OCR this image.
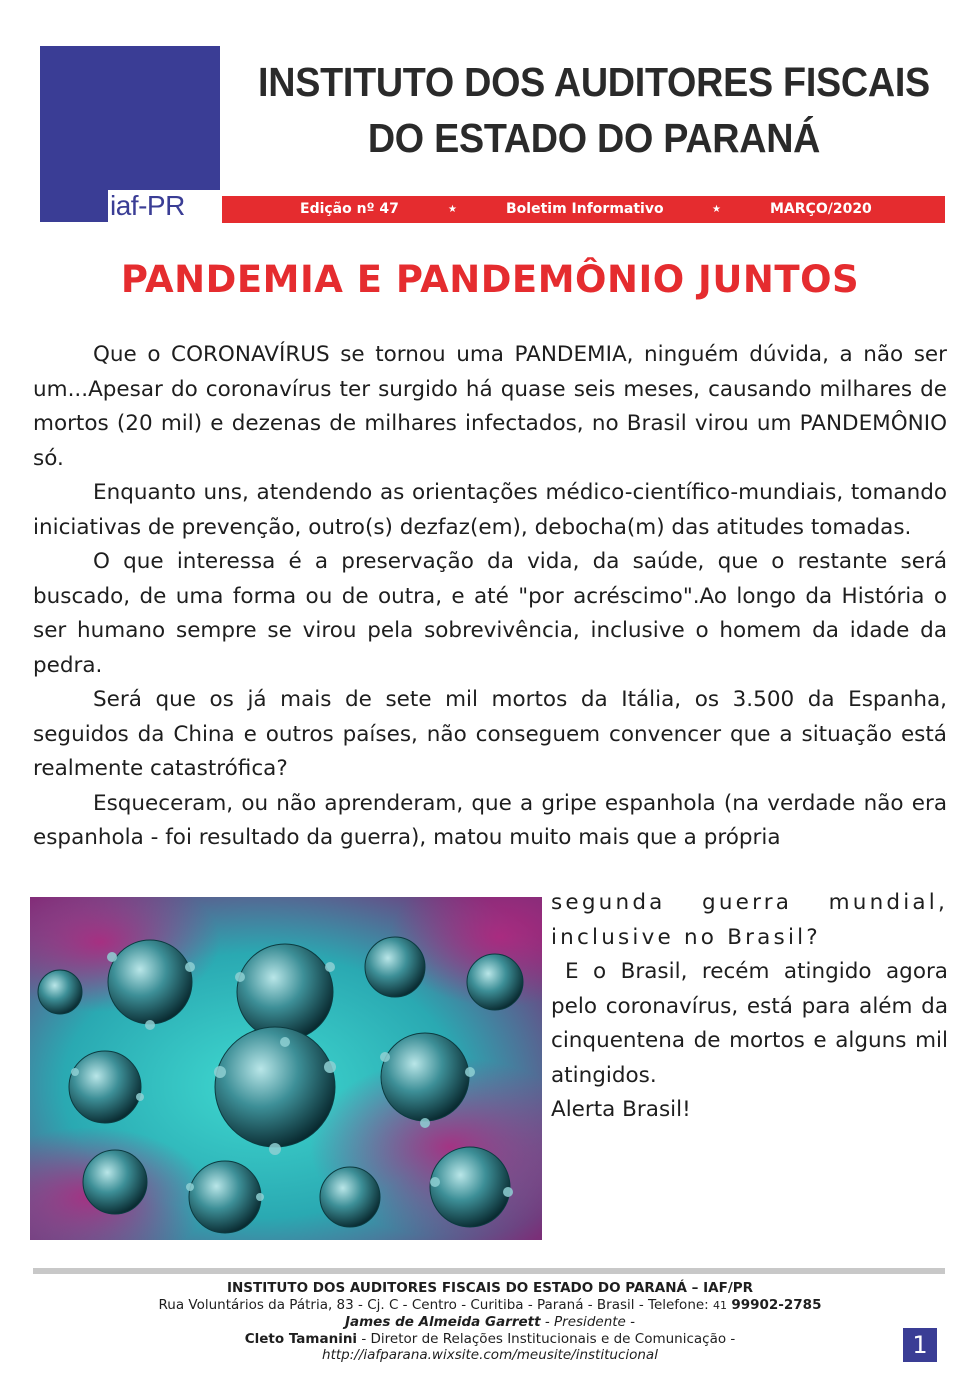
iaf-PR
INSTITUTO DOS AUDITORES FISCAIS
DO ESTADO DO PARANÁ
Edição nº 47	★	Boletim Informativo	★	MARÇO/2020
PANDEMIA E PANDEMÔNIO JUNTOS

Que o CORONAVÍRUS se tornou uma PANDEMIA, ninguém dúvida, a não ser um...Apesar do coronavírus ter surgido há quase seis meses, causando milhares de mortos (20 mil) e dezenas de milhares infectados, no Brasil virou um PANDEMÔNIO só.

Enquanto uns, atendendo as orientações médico-científico-mundiais, tomando iniciativas de prevenção, outro(s) dezfaz(em), debocha(m) das atitudes tomadas.

O que interessa é a preservação da vida, da saúde, que o restante será buscado, de uma forma ou de outra, e até "por acréscimo".Ao longo da História o ser humano sempre se virou pela sobrevivência, inclusive o homem da idade da pedra.

Será que os já mais de sete mil mortos da Itália, os 3.500 da Espanha, seguidos da China e outros países, não conseguem convencer que a situação está realmente catastrófica?

Esqueceram, ou não aprenderam, que a gripe espanhola (na verdade não era espanhola - foi resultado da guerra), matou muito mais que a própria

segunda guerra mundial, inclusive no Brasil?

E o Brasil, recém atingido agora pelo coronavírus, está para além da cinquentena de mortos e alguns mil atingidos.

Alerta Brasil!

INSTITUTO DOS AUDITORES FISCAIS DO ESTADO DO PARANÁ – IAF/PR
Rua Voluntários da Pátria, 83 - Cj. C - Centro - Curitiba - Paraná - Brasil - Telefone: 41 99902-2785
James de Almeida Garrett - Presidente -
Cleto Tamanini - Diretor de Relações Institucionais e de Comunicação -
http://iafparana.wixsite.com/meusite/institucional	1
